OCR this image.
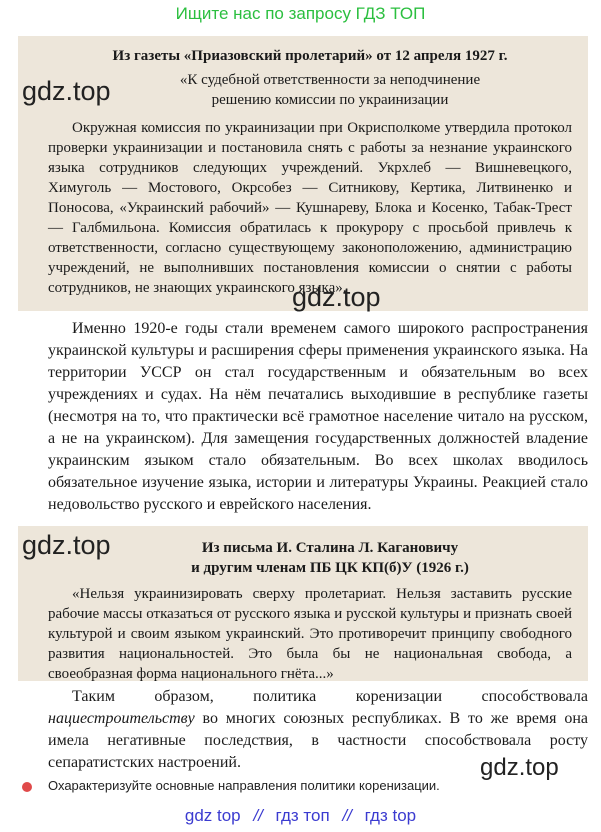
Ищите нас по запросу ГДЗ ТОП

Из газеты «Приазовский пролетарий» от 12 апреля 1927 г.

«К судебной ответственности за неподчинение
решению комиссии по украинизации

Окружная комиссия по украинизации при Окрисполкоме утвердила протокол проверки украинизации и постановила снять с работы за незнание украинского языка сотрудников следующих учреждений. Укрхлеб — Вишневецкого, Химуголь — Мостового, Окрсобез — Ситникову, Кертика, Литвиненко и Поносова, «Украинский рабочий» — Кушнареву, Блока и Косенко, Табак-Трест — Галбмильона. Комиссия обратилась к прокурору с просьбой привлечь к ответственности, согласно существующему законоположению, администрацию учреждений, не выполнивших постановления комиссии о снятии с работы сотрудников, не знающих украинского языка».

Именно 1920-е годы стали временем самого широкого распространения украинской культуры и расширения сферы применения украинского языка. На территории УССР он стал государственным и обязательным во всех учреждениях и судах. На нём печатались выходившие в республике газеты (несмотря на то, что практически всё грамотное население читало на русском, а не на украинском). Для замещения государственных должностей владение украинским языком стало обязательным. Во всех школах вводилось обязательное изучение языка, истории и литературы Украины. Реакцией стало недовольство русского и еврейского населения.

Из письма И. Сталина Л. Кагановичу

и другим членам ПБ ЦК КП(б)У (1926 г.)

«Нельзя украинизировать сверху пролетариат. Нельзя заставить русские рабочие массы отказаться от русского языка и русской культуры и признать своей культурой и своим языком украинский. Это противоречит принципу свободного развития национальностей. Это была бы не национальная свобода, а своеобразная форма национального гнёта...»

Таким образом, политика коренизации способствовала нациестроительству во многих союзных республиках. В то же время она имела негативные последствия, в частности способствовала росту сепаратистских настроений.

Охарактеризуйте основные направления политики коренизации.
gdz.top
gdz.top
gdz.top
gdz.top
gdz top // гдз топ // гдз top
